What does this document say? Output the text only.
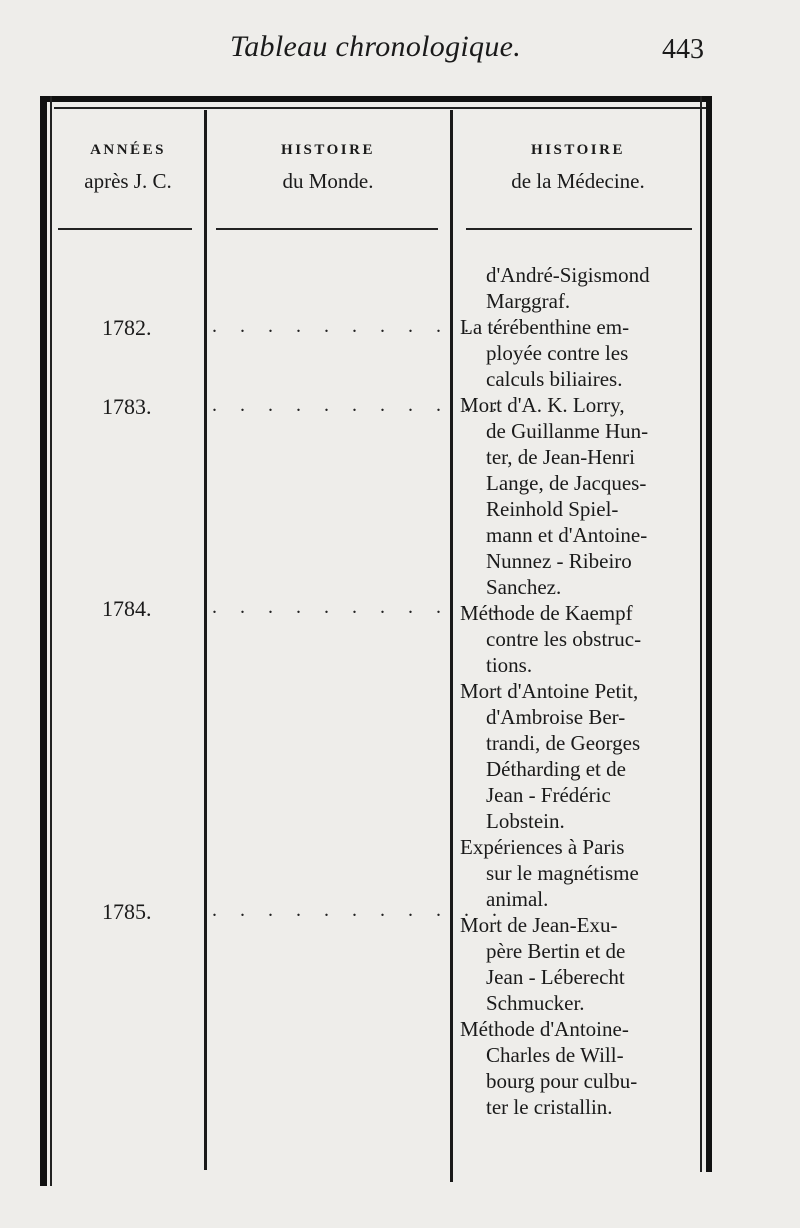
Tableau chronologique.	443
ANNÉES
après J. C.
HISTOIRE
du Monde.
HISTOIRE
de la Médecine.
1782.
1783.
1784.
1785.
. . . . . . . . . . .
. . . . . . . . . . .
. . . . . . . . . . .
. . . . . . . . . . .
d'André-Sigismond
Marggraf.
La térébenthine em-
ployée contre les
calculs biliaires.
Mort d'A. K. Lorry,
de Guillanme Hun-
ter, de Jean-Henri
Lange, de Jacques-
Reinhold Spiel-
mann et d'Antoine-
Nunnez - Ribeiro
Sanchez.
Méthode de Kaempf
contre les obstruc-
tions.
Mort d'Antoine Petit,
d'Ambroise Ber-
trandi, de Georges
Détharding et de
Jean - Frédéric
Lobstein.
Expériences à Paris
sur le magnétisme
animal.
Mort de Jean-Exu-
père Bertin et de
Jean - Léberecht
Schmucker.
Méthode d'Antoine-
Charles de Will-
bourg pour culbu-
ter le cristallin.
